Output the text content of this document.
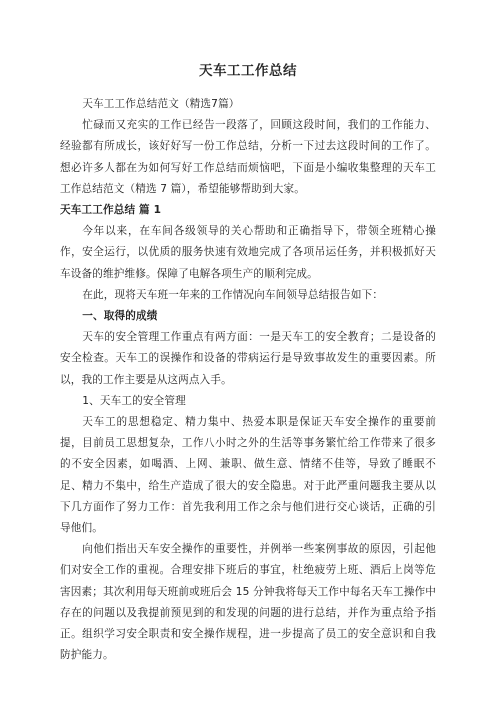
天车工工作总结

天车工工作总结范文（精选7篇）

忙碌而又充实的工作已经告一段落了，回顾这段时间，我们的工作能力、经验都有所成长，该好好写一份工作总结，分析一下过去这段时间的工作了。想必许多人都在为如何写好工作总结而烦恼吧，下面是小编收集整理的天车工工作总结范文（精选 7 篇），希望能够帮助到大家。

天车工工作总结 篇 1

今年以来，在车间各级领导的关心帮助和正确指导下，带领全班精心操作，安全运行，以优质的服务快速有效地完成了各项吊运任务，并积极抓好天车设备的维护维修。保障了电解各项生产的顺利完成。

在此，现将天车班一年来的工作情况向车间领导总结报告如下：

一、取得的成绩

天车的安全管理工作重点有两方面：一是天车工的安全教育；二是设备的安全检查。天车工的误操作和设备的带病运行是导致事故发生的重要因素。所以，我的工作主要是从这两点入手。

1、天车工的安全管理

天车工的思想稳定、精力集中、热爱本职是保证天车安全操作的重要前提，目前员工思想复杂，工作八小时之外的生活等事务繁忙给工作带来了很多的不安全因素，如喝酒、上网、兼职、做生意、情绪不佳等，导致了睡眠不足、精力不集中，给生产造成了很大的安全隐患。对于此严重问题我主要从以下几方面作了努力工作：首先我利用工作之余与他们进行交心谈话，正确的引导他们。

向他们指出天车安全操作的重要性，并例举一些案例事故的原因，引起他们对安全工作的重视。合理安排下班后的事宜，杜绝疲劳上班、酒后上岗等危害因素；其次利用每天班前或班后会 15 分钟我将每天工作中每名天车工操作中存在的问题以及我提前预见到的和发现的问题的进行总结，并作为重点给予指正。组织学习安全职责和安全操作规程，进一步提高了员工的安全意识和自我防护能力。
